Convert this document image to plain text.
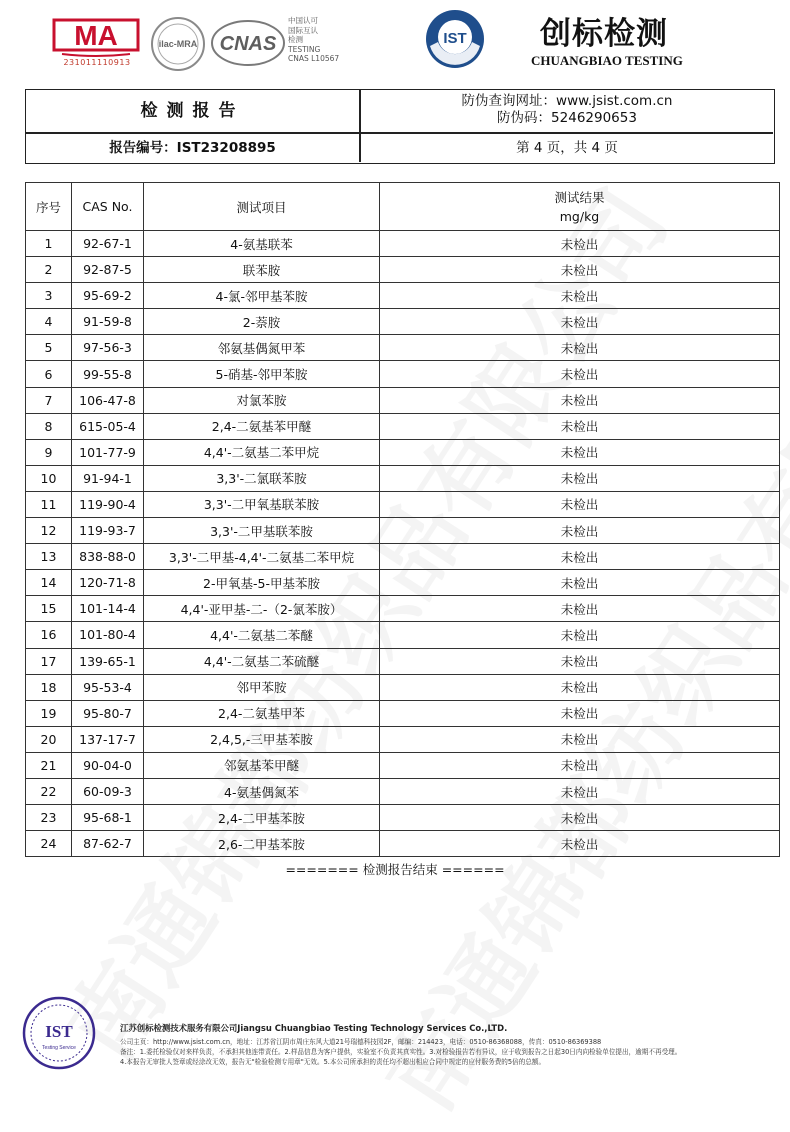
MA
231011110913
ilac-MRA CNAS
中国认可
国际互认
检测
TESTING
CNAS L10567
IST 创标检测
CHUANGBIAO TESTING
检测报告	防伪查询网址：www.jsist.com.cn
防伪码：5246290653
报告编号：IST23208895	第 4 页，共 4 页
序号	CAS No.	测试项目	测试结果
mg/kg

1	92-67-1	4-氨基联苯	未检出
2	92-87-5	联苯胺	未检出
3	95-69-2	4-氯-邻甲基苯胺	未检出
4	91-59-8	2-萘胺	未检出
5	97-56-3	邻氨基偶氮甲苯	未检出
6	99-55-8	5-硝基-邻甲苯胺	未检出
7	106-47-8	对氯苯胺	未检出
8	615-05-4	2,4-二氨基苯甲醚	未检出
9	101-77-9	4,4'-二氨基二苯甲烷	未检出
10	91-94-1	3,3'-二氯联苯胺	未检出
11	119-90-4	3,3'-二甲氧基联苯胺	未检出
12	119-93-7	3,3'-二甲基联苯胺	未检出
13	838-88-0	3,3'-二甲基-4,4'-二氨基二苯甲烷	未检出
14	120-71-8	2-甲氧基-5-甲基苯胺	未检出
15	101-14-4	4,4'-亚甲基-二-（2-氯苯胺）	未检出
16	101-80-4	4,4'-二氨基二苯醚	未检出
17	139-65-1	4,4'-二氨基二苯硫醚	未检出
18	95-53-4	邻甲苯胺	未检出
19	95-80-7	2,4-二氨基甲苯	未检出
20	137-17-7	2,4,5,-三甲基苯胺	未检出
21	90-04-0	邻氨基苯甲醚	未检出
22	60-09-3	4-氨基偶氮苯	未检出
23	95-68-1	2,4-二甲基苯胺	未检出
24	87-62-7	2,6-二甲基苯胺	未检出
======= 检测报告结束 ======
IST
Testing Service
江苏创标检测技术服务有限公司Jiangsu Chuangbiao Testing Technology Services Co.,LTD.
公司主页：http://www.jsist.com.cn，地址：江苏省江阴市周庄东风大道21号瑞德科技园2F，邮编：214423，电话：0510-86368088，传真：0510-86369388
备注：1.委托检验仅对来样负责，不承担其他连带责任。2.样品信息为客户提供，实验室不负责其真实性。3.对检验报告若有异议，应于收到报告之日起30日内向检验单位提出，逾期不再受理。
4.本报告无审批人签章或经涂改无效，报告无"检验检测专用章"无效。5.本公司所承担的责任均不超出相应合同中规定的应付服务费的5倍的总额。
